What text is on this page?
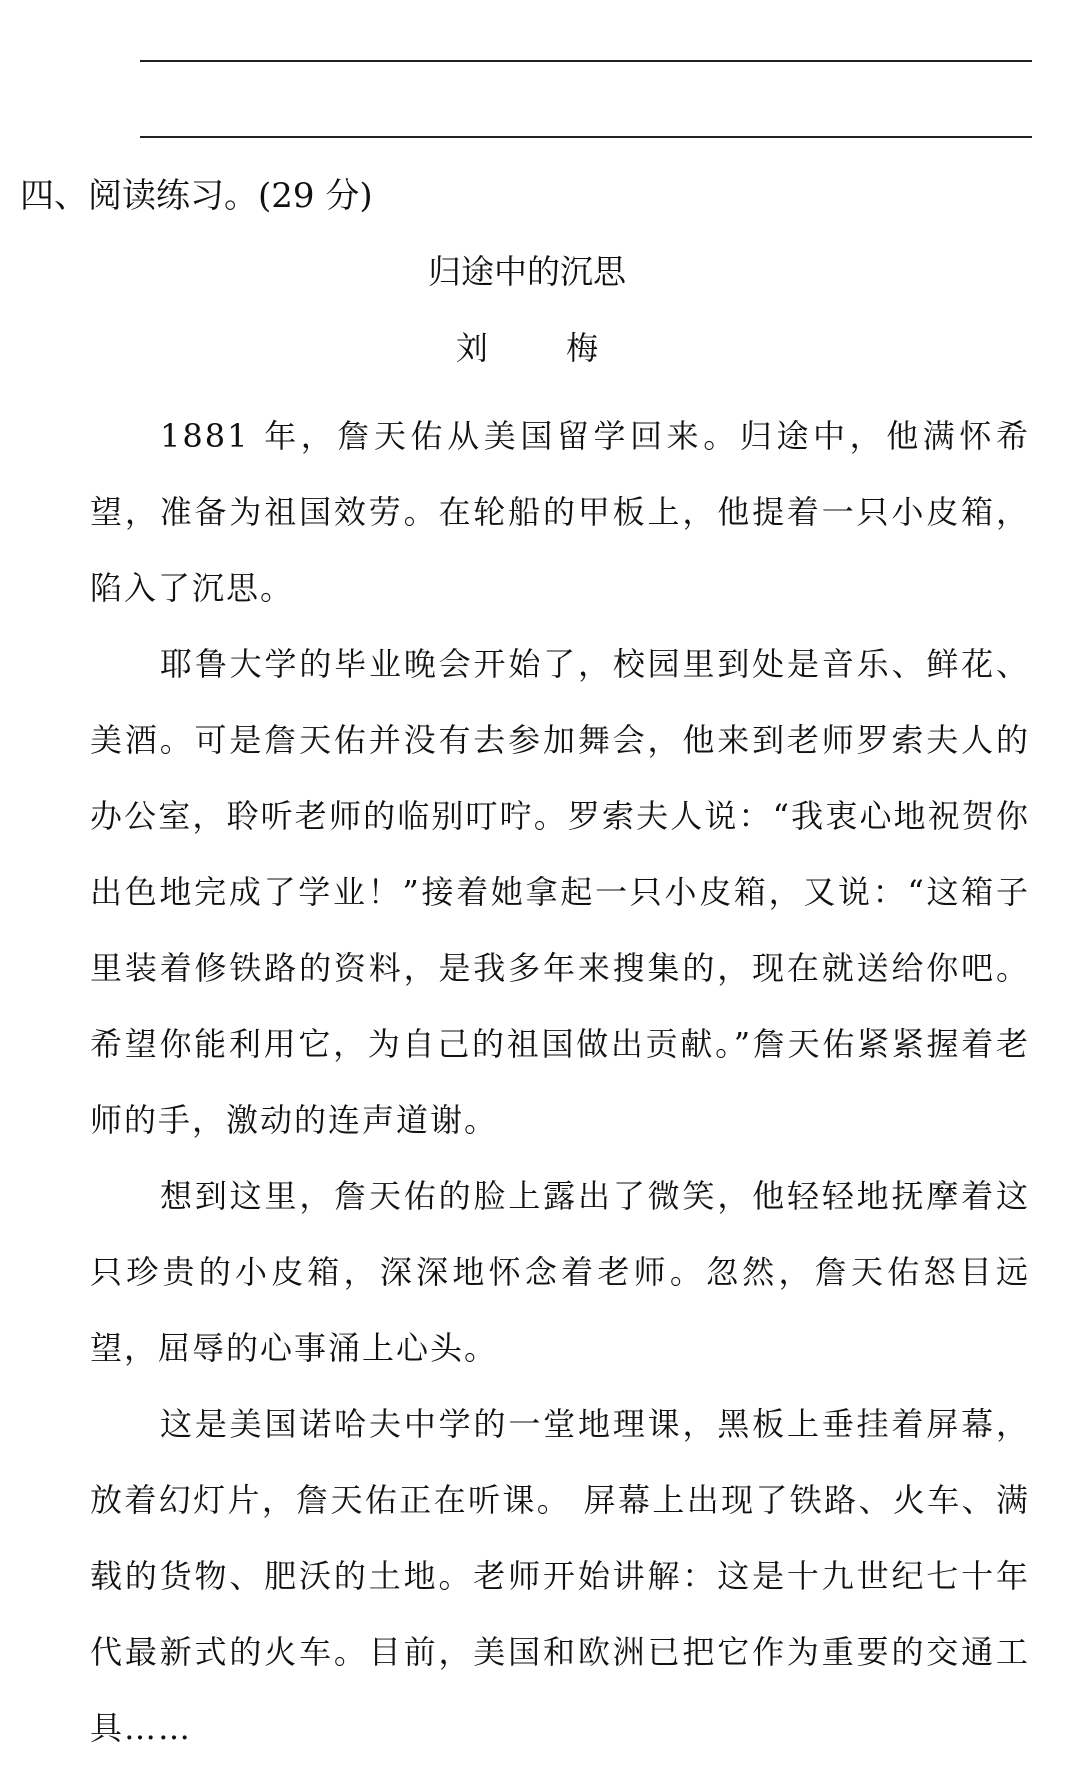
四、阅读练习。(29 分)
归途中的沉思
刘 梅

1881 年，詹天佑从美国留学回来。归途中，他满怀希望，准备为祖国效劳。在轮船的甲板上，他提着一只小皮箱，陷入了沉思。

耶鲁大学的毕业晚会开始了，校园里到处是音乐、鲜花、美酒。可是詹天佑并没有去参加舞会，他来到老师罗索夫人的办公室，聆听老师的临别叮咛。罗索夫人说：“我衷心地祝贺你出色地完成了学业！”接着她拿起一只小皮箱，又说：“这箱子里装着修铁路的资料，是我多年来搜集的，现在就送给你吧。希望你能利用它，为自己的祖国做出贡献。”詹天佑紧紧握着老师的手，激动的连声道谢。

想到这里，詹天佑的脸上露出了微笑，他轻轻地抚摩着这只珍贵的小皮箱，深深地怀念着老师。忽然，詹天佑怒目远望，屈辱的心事涌上心头。

这是美国诺哈夫中学的一堂地理课，黑板上垂挂着屏幕，放着幻灯片，詹天佑正在听课。 屏幕上出现了铁路、火车、满载的货物、肥沃的土地。老师开始讲解：这是十九世纪七十年代最新式的火车。目前，美国和欧洲已把它作为重要的交通工具……
